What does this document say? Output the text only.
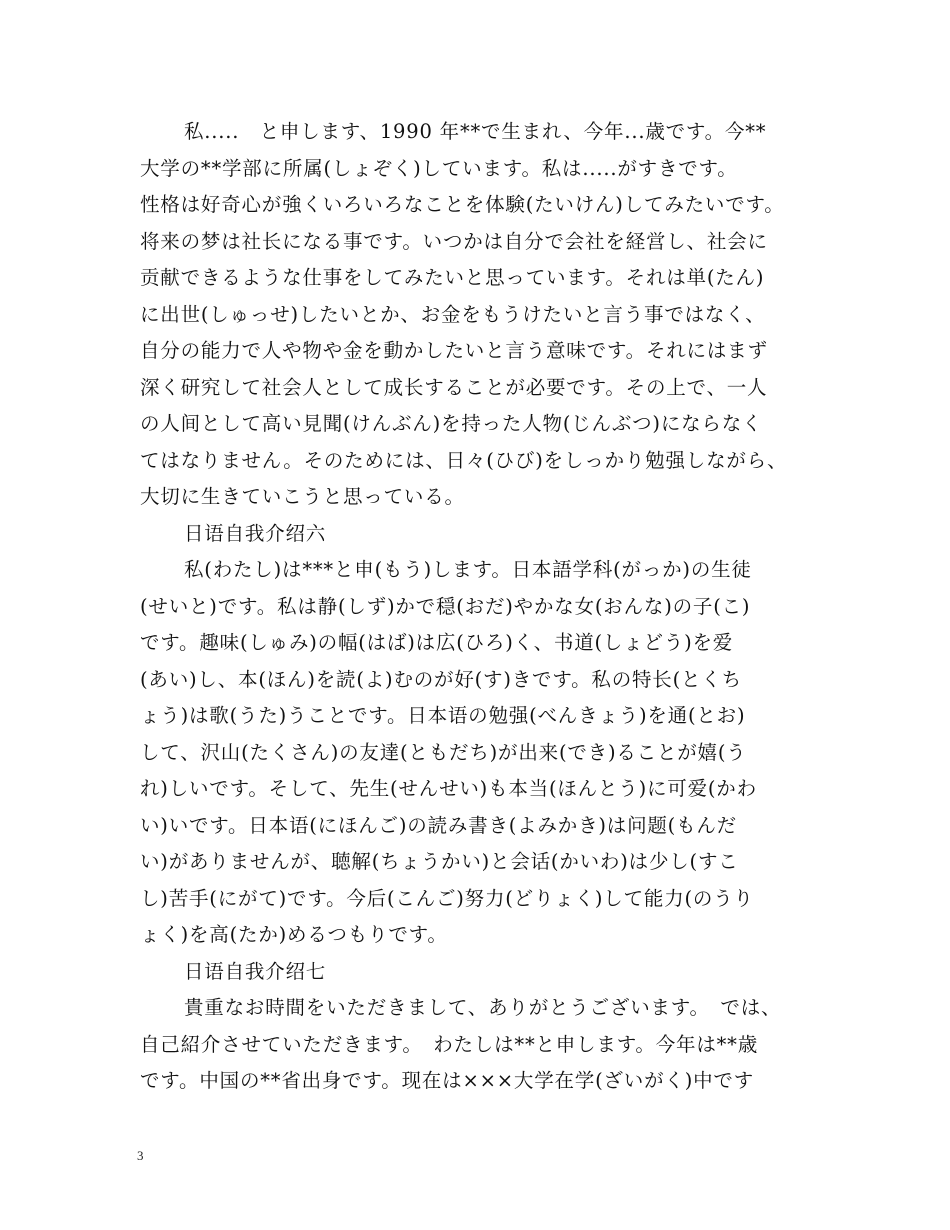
私.....　と申します、1990 年**で生まれ、今年...歳です。今**
大学の**学部に所属(しょぞく)しています。私は.....がすきです。
性格は好奇心が強くいろいろなことを体験(たいけん)してみたいです。
将来の梦は社长になる事です。いつかは自分で会社を経営し、社会に
贡献できるような仕事をしてみたいと思っています。それは単(たん)
に出世(しゅっせ)したいとか、お金をもうけたいと言う事ではなく、
自分の能力で人や物や金を動かしたいと言う意味です。それにはまず
深く研究して社会人として成长することが必要です。その上で、一人
の人间として高い見聞(けんぶん)を持った人物(じんぶつ)にならなく
てはなりません。そのためには、日々(ひび)をしっかり勉强しながら、
大切に生きていこうと思っている。
日语自我介绍六
私(わたし)は***と申(もう)します。日本語学科(がっか)の生徒
(せいと)です。私は静(しず)かで穏(おだ)やかな女(おんな)の子(こ)
です。趣味(しゅみ)の幅(はば)は広(ひろ)く、书道(しょどう)を爱
(あい)し、本(ほん)を読(よ)むのが好(す)きです。私の特长(とくち
ょう)は歌(うた)うことです。日本语の勉强(べんきょう)を通(とお)
して、沢山(たくさん)の友達(ともだち)が出来(でき)ることが嬉(う
れ)しいです。そして、先生(せんせい)も本当(ほんとう)に可爱(かわ
い)いです。日本语(にほんご)の読み書き(よみかき)は问题(もんだ
い)がありませんが、聴解(ちょうかい)と会话(かいわ)は少し(すこ
し)苦手(にがて)です。今后(こんご)努力(どりょく)して能力(のうり
ょく)を高(たか)めるつもりです。
日语自我介绍七
貴重なお時間をいただきまして、ありがとうございます。　では、
自己紹介させていただきます。　わたしは**と申します。今年は**歳
です。中国の**省出身です。现在は×××大学在学(ざいがく)中です
3
